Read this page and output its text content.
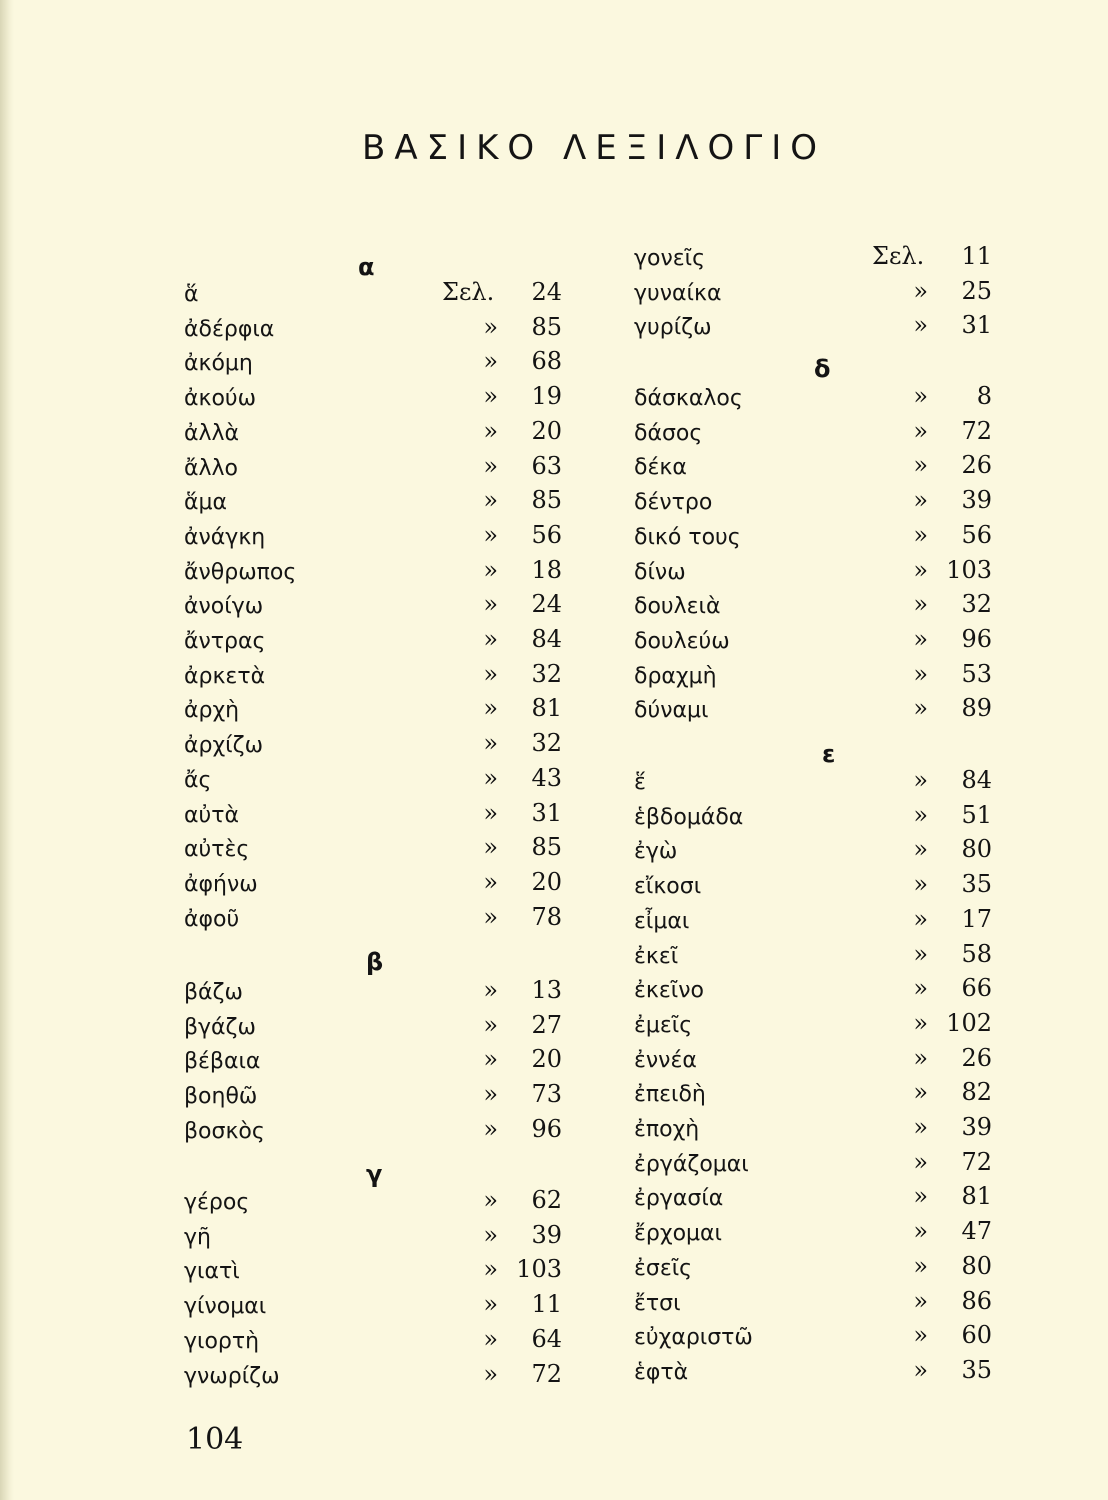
ΒΑΣΙΚΟ ΛΕΞΙΛΟΓΙΟ
α
β
γ
ἅ	Σελ. 24
ἀδέρφια	» 85
ἀκόμη	» 68
ἀκούω	» 19
ἀλλὰ	» 20
ἄλλο	» 63
ἅμα	» 85
ἀνάγκη	» 56
ἄνθρωπος	» 18
ἀνοίγω	» 24
ἄντρας	» 84
ἀρκετὰ	» 32
ἀρχὴ	» 81
ἀρχίζω	» 32
ἄς	» 43
αὐτὰ	» 31
αὐτὲς	» 85
ἀφήνω	» 20
ἀφοῦ	» 78
βάζω	» 13
βγάζω	» 27
βέβαια	» 20
βοηθῶ	» 73
βοσκὸς	» 96
γέρος	» 62
γῆ	» 39
γιατὶ	» 103
γίνομαι	» 11
γιορτὴ	» 64
γνωρίζω	» 72
δ
ε
γονεῖς	Σελ. 11
γυναίκα	» 25
γυρίζω	» 31
δάσκαλος	» 8
δάσος	» 72
δέκα	» 26
δέντρο	» 39
δικό τους	» 56
δίνω	» 103
δουλειὰ	» 32
δουλεύω	» 96
δραχμὴ	» 53
δύναμι	» 89
ἕ	» 84
ἑβδομάδα	» 51
ἐγὼ	» 80
εἴκοσι	» 35
εἶμαι	» 17
ἐκεῖ	» 58
ἐκεῖνο	» 66
ἐμεῖς	» 102
ἐννέα	» 26
ἐπειδὴ	» 82
ἐποχὴ	» 39
ἐργάζομαι	» 72
ἐργασία	» 81
ἔρχομαι	» 47
ἐσεῖς	» 80
ἔτσι	» 86
εὐχαριστῶ	» 60
ἑφτὰ	» 35
104
